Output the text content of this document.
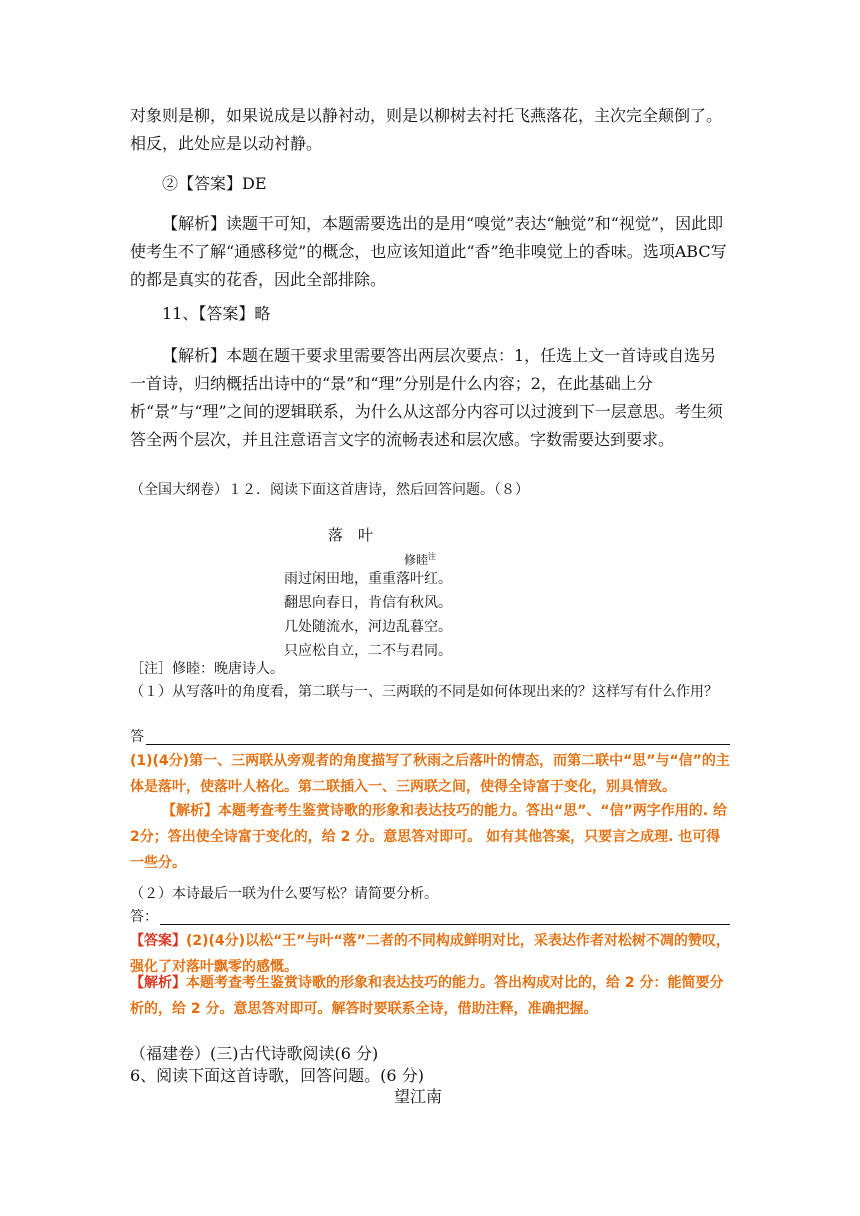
对象则是柳，如果说成是以静衬动，则是以柳树去衬托飞燕落花，主次完全颠倒了。相反，此处应是以动衬静。

②【答案】DE

【解析】读题干可知，本题需要选出的是用“嗅觉”表达“触觉”和“视觉”，因此即使考生不了解“通感移觉”的概念，也应该知道此“香”绝非嗅觉上的香味。选项ABC写的都是真实的花香，因此全部排除。

11、【答案】略

【解析】本题在题干要求里需要答出两层次要点：1，任选上文一首诗或自选另一首诗，归纳概括出诗中的“景”和“理”分别是什么内容；2，在此基础上分析“景”与“理”之间的逻辑联系，为什么从这部分内容可以过渡到下一层意思。考生须答全两个层次，并且注意语言文字的流畅表述和层次感。字数需要达到要求。

（全国大纲卷）１２．阅读下面这首唐诗，然后回答问题。（８）

落　叶

修睦$^注$

雨过闲田地，重重落叶红。

翻思向春日，肯信有秋风。

几处随流水，河边乱暮空。

只应松自立，二不与君同。

［注］修睦：晚唐诗人。

（１）从写落叶的角度看，第二联与一、三两联的不同是如何体现出来的？这样写有什么作用？

答

(1)(4分)第一、三两联从旁观者的角度描写了秋雨之后落叶的情态，而第二联中“思”与“信”的主体是落叶，使落叶人格化。第二联插入一、三两联之间，使得全诗富于变化，别具情致。

【解析】本题考查考生鉴赏诗歌的形象和表达技巧的能力。答出“思”、“信”两字作用的. 给2分；答出使全诗富于变化的，给 2 分。意思答对即可。 如有其他答案，只要言之成理. 也可得一些分。

（２）本诗最后一联为什么要写松？请简要分析。

答：

【答案】(2)(4分)以松“王”与叶“落”二者的不同构成鲜明对比，采表达作者对松树不凋的赞叹，强化了对落叶飘零的感慨。

【解析】本题考查考生鉴赏诗歌的形象和表达技巧的能力。答出构成对比的，给 2 分：能简要分析的，给 2 分。意思答对即可。解答时要联系全诗，借助注释，准确把握。

（福建卷）(三)古代诗歌阅读(6 分)

6、阅读下面这首诗歌，回答问题。(6 分)

望江南
